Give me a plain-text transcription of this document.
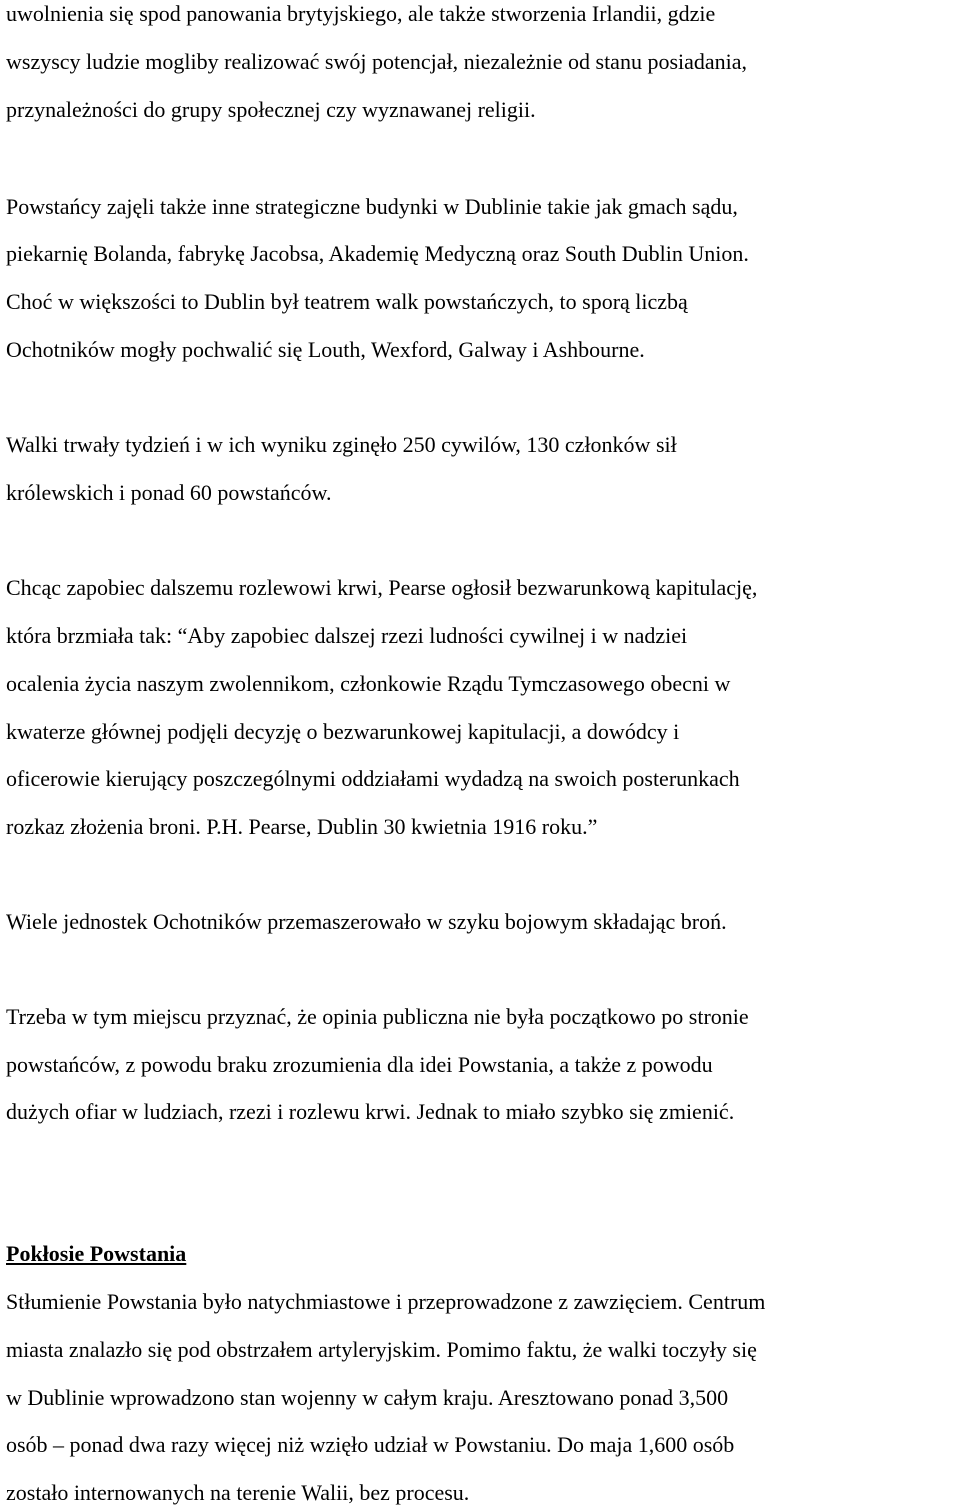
uwolnienia się spod panowania brytyjskiego, ale także stworzenia Irlandii, gdzie

wszyscy ludzie mogliby realizować swój potencjał, niezależnie od stanu posiadania,

przynależności do grupy społecznej czy wyznawanej religii.

Powstańcy zajęli także inne strategiczne budynki w Dublinie takie jak gmach sądu,

piekarnię Bolanda, fabrykę Jacobsa, Akademię Medyczną oraz South Dublin Union.

Choć w większości to Dublin był teatrem walk powstańczych, to sporą liczbą

Ochotników mogły pochwalić się Louth, Wexford, Galway i Ashbourne.

Walki trwały tydzień i w ich wyniku zginęło 250 cywilów, 130 członków sił

królewskich i ponad 60 powstańców.

Chcąc zapobiec dalszemu rozlewowi krwi, Pearse ogłosił bezwarunkową kapitulację,

która brzmiała tak: “Aby zapobiec dalszej rzezi ludności cywilnej i w nadziei

ocalenia życia naszym zwolennikom, członkowie Rządu Tymczasowego obecni w

kwaterze głównej podjęli decyzję o bezwarunkowej kapitulacji, a dowódcy i

oficerowie kierujący poszczególnymi oddziałami wydadzą na swoich posterunkach

rozkaz złożenia broni. P.H. Pearse, Dublin 30 kwietnia 1916 roku.”

Wiele jednostek Ochotników przemaszerowało w szyku bojowym składając broń.

Trzeba w tym miejscu przyznać, że opinia publiczna nie była początkowo po stronie

powstańców, z powodu braku zrozumienia dla idei Powstania, a także z powodu

dużych ofiar w ludziach, rzezi i rozlewu krwi. Jednak to miało szybko się zmienić.

Pokłosie Powstania

Stłumienie Powstania było natychmiastowe i przeprowadzone z zawzięciem. Centrum

miasta znalazło się pod obstrzałem artyleryjskim. Pomimo faktu, że walki toczyły się

w Dublinie wprowadzono stan wojenny w całym kraju. Aresztowano ponad 3,500

osób – ponad dwa razy więcej niż wzięło udział w Powstaniu. Do maja 1,600 osób

zostało internowanych na terenie Walii, bez procesu.
